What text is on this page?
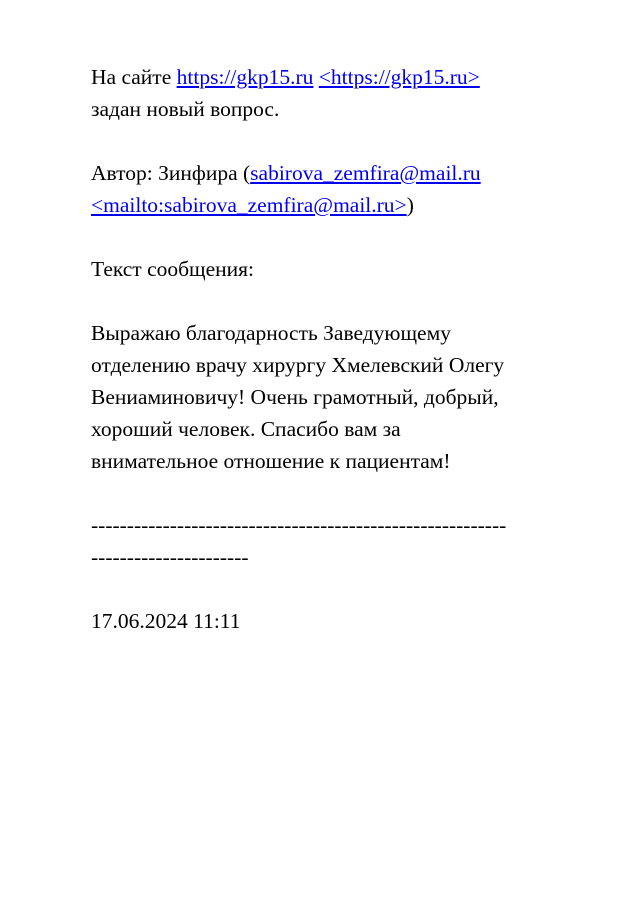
На сайте https://gkp15.ru <https://gkp15.ru>
задан новый вопрос.

Автор: Зинфира (sabirova_zemfira@mail.ru
<mailto:sabirova_zemfira@mail.ru>)

Текст сообщения:

Выражаю благодарность Заведующему
отделению врачу хирургу Хмелевский Олегу
Вениаминовичу! Очень грамотный, добрый,
хороший человек. Спасибо вам за
внимательное отношение к пациентам!

----------------------------------------------------------
----------------------

17.06.2024 11:11
